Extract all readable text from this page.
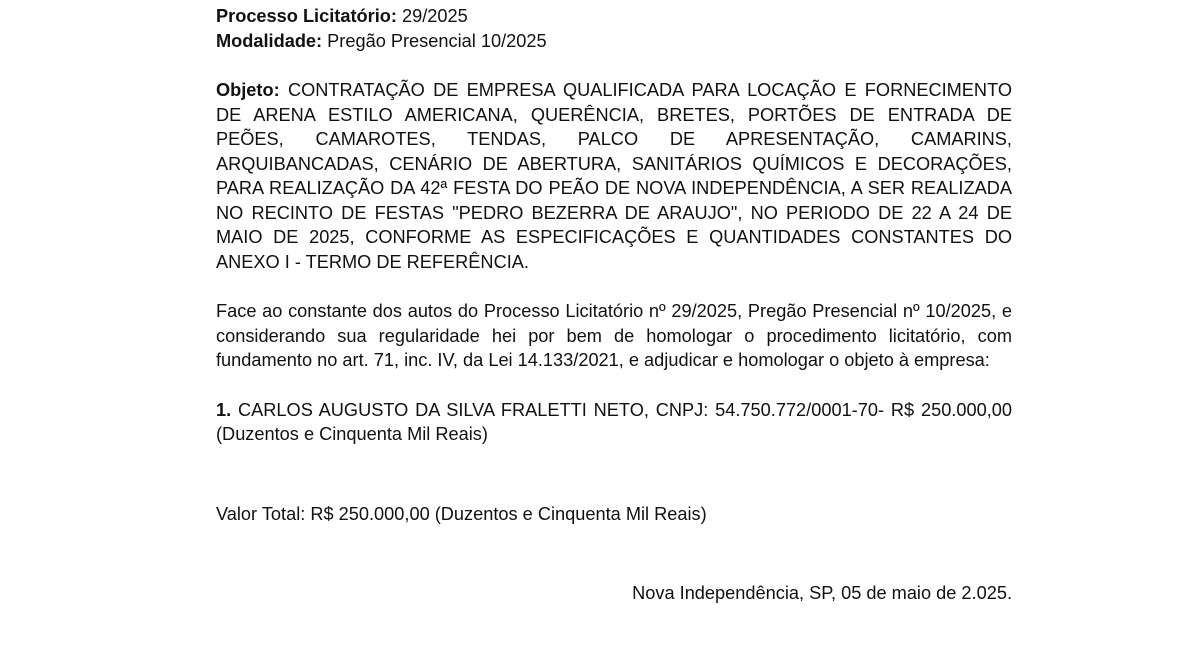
Processo Licitatório: 29/2025

Modalidade: Pregão Presencial 10/2025

Objeto: CONTRATAÇÃO DE EMPRESA QUALIFICADA PARA LOCAÇÃO E FORNECIMENTO DE ARENA ESTILO AMERICANA, QUERÊNCIA, BRETES, PORTÕES DE ENTRADA DE PEÕES, CAMAROTES, TENDAS, PALCO DE APRESENTAÇÃO, CAMARINS, ARQUIBANCADAS, CENÁRIO DE ABERTURA, SANITÁRIOS QUÍMICOS E DECORAÇÕES, PARA REALIZAÇÃO DA 42ª FESTA DO PEÃO DE NOVA INDEPENDÊNCIA, A SER REALIZADA NO RECINTO DE FESTAS "PEDRO BEZERRA DE ARAUJO", NO PERIODO DE 22 A 24 DE MAIO DE 2025, CONFORME AS ESPECIFICAÇÕES E QUANTIDADES CONSTANTES DO ANEXO I - TERMO DE REFERÊNCIA.

Face ao constante dos autos do Processo Licitatório nº 29/2025, Pregão Presencial nº 10/2025, e considerando sua regularidade hei por bem de homologar o procedimento licitatório, com fundamento no art. 71, inc. IV, da Lei 14.133/2021, e adjudicar e homologar o objeto à empresa:

1. CARLOS AUGUSTO DA SILVA FRALETTI NETO, CNPJ: 54.750.772/0001-70- R$ 250.000,00 (Duzentos e Cinquenta Mil Reais)

Valor Total: R$ 250.000,00 (Duzentos e Cinquenta Mil Reais)

Nova Independência, SP, 05 de maio de 2.025.
